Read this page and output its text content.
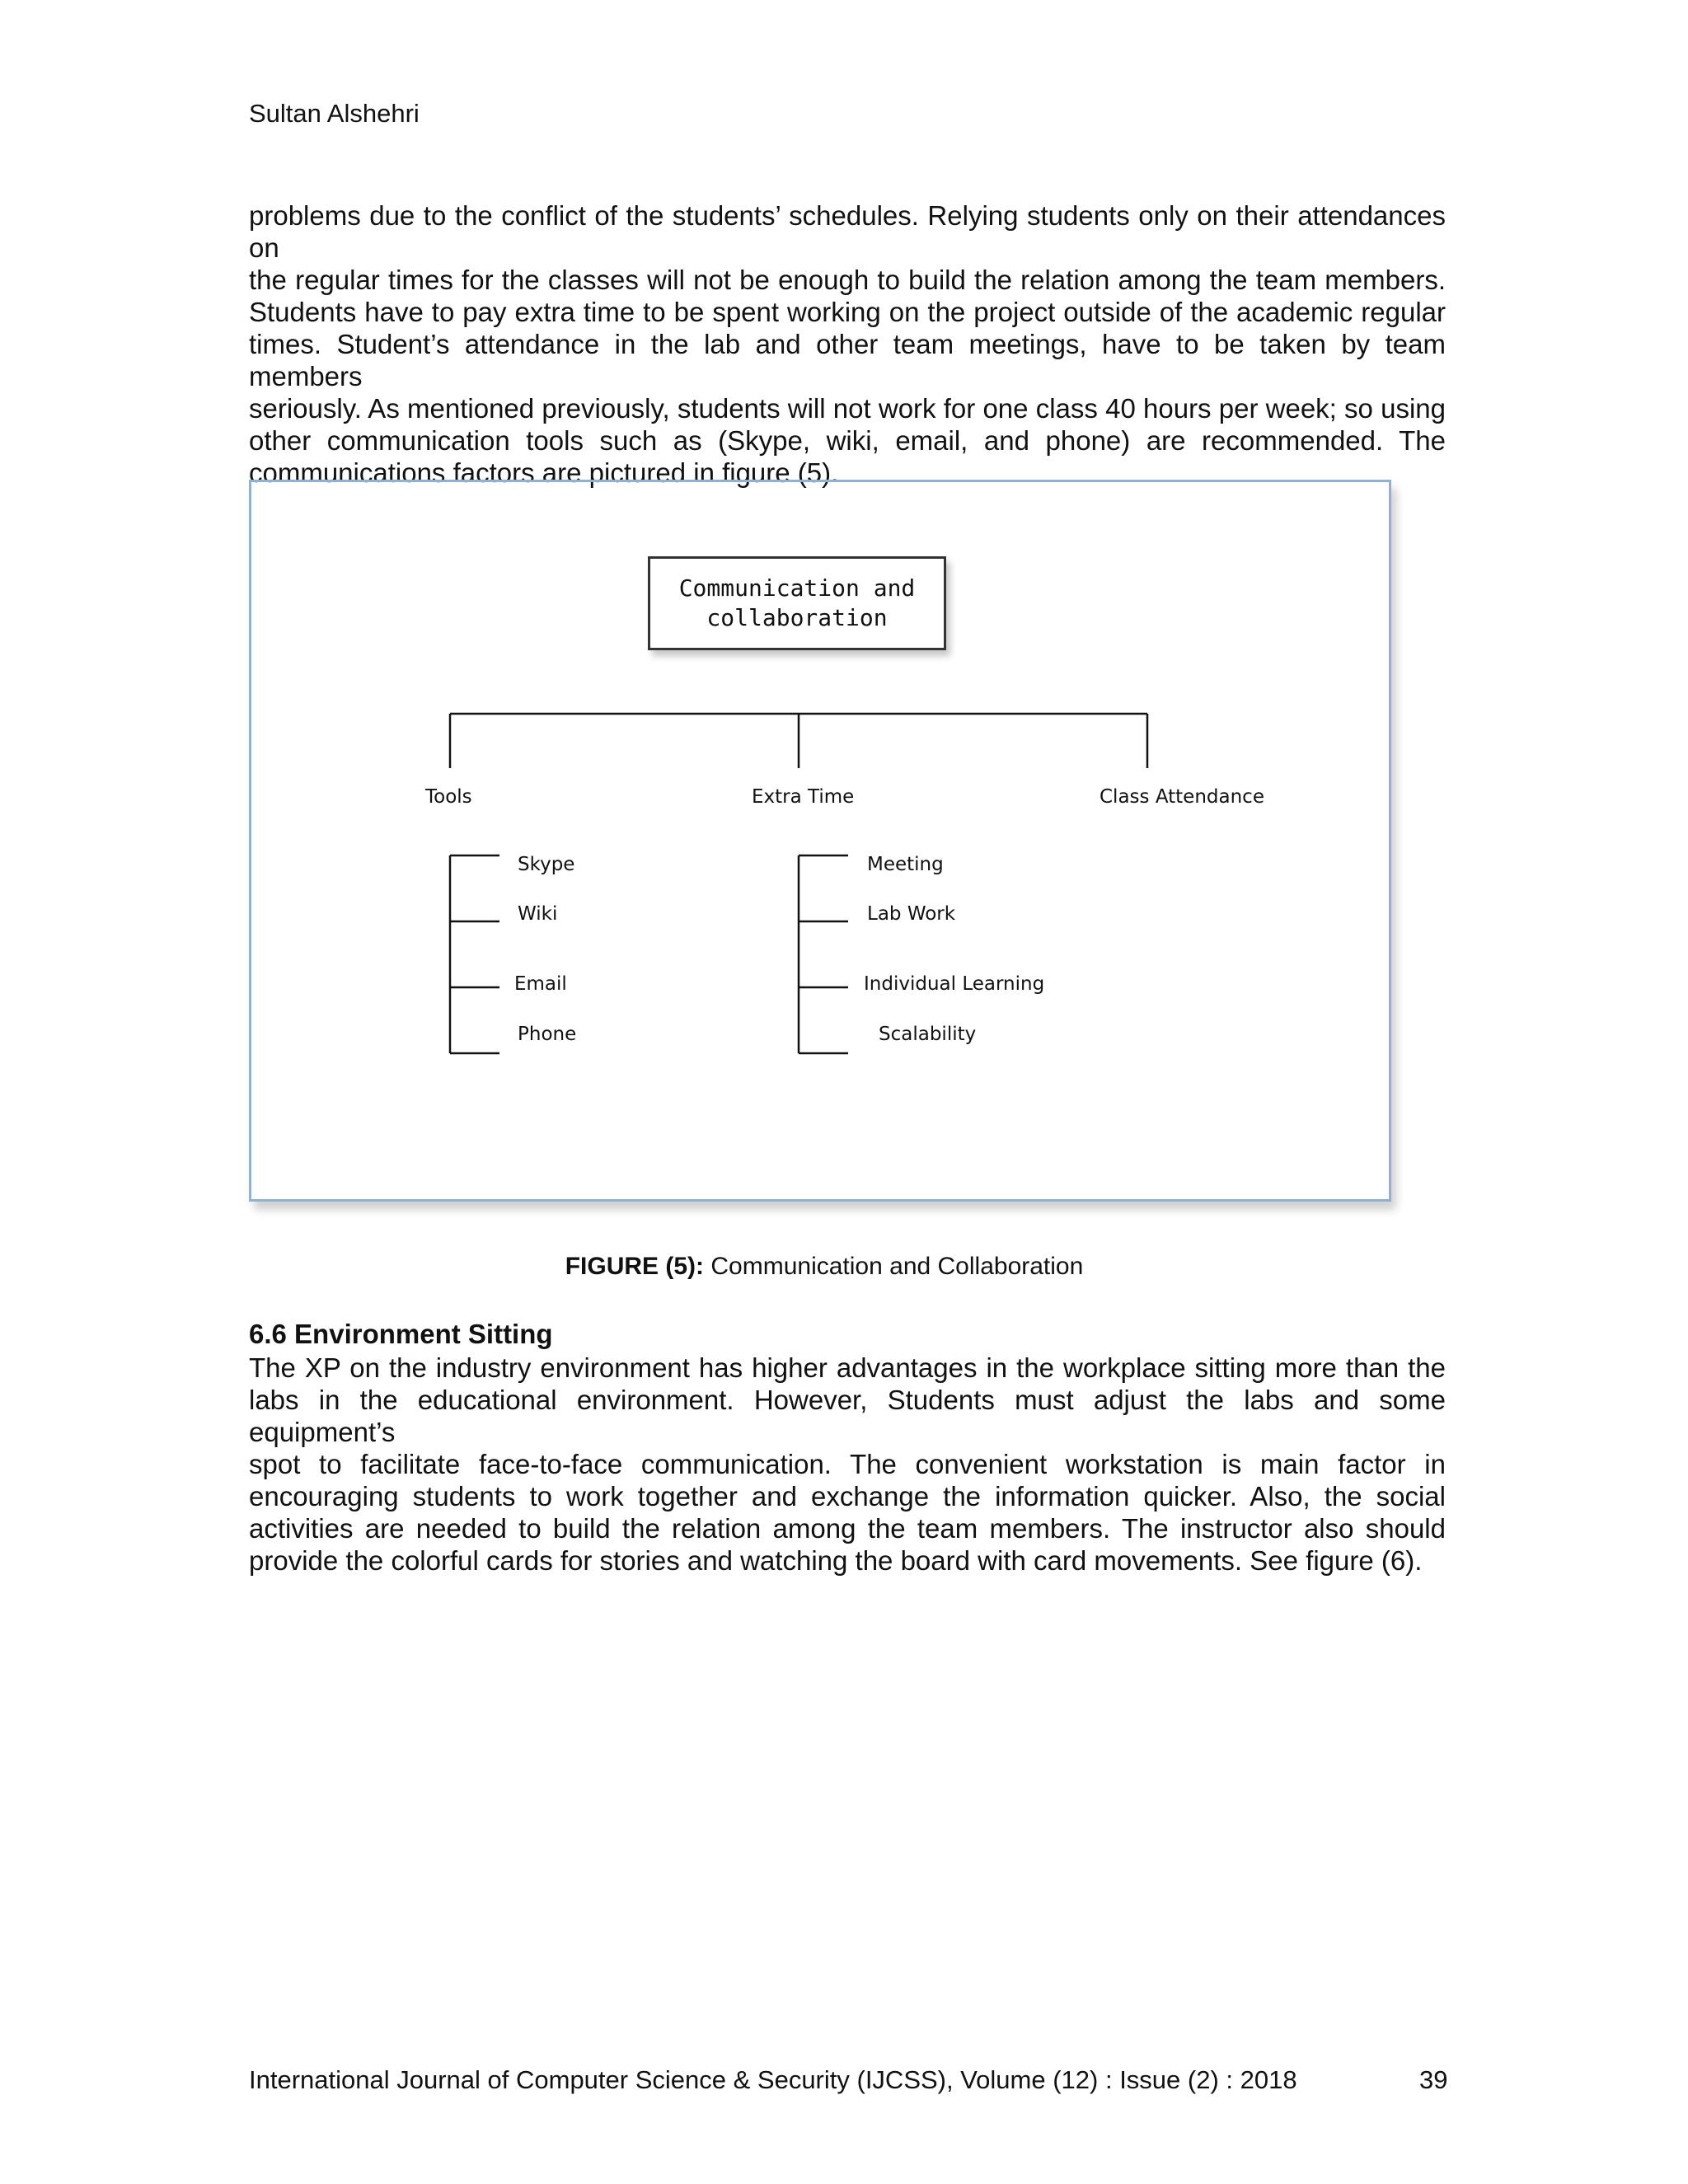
Sultan Alshehri

problems due to the conflict of the students’ schedules. Relying students only on their attendances on

the regular times for the classes will not be enough to build the relation among the team members.

Students have to pay extra time to be spent working on the project outside of the academic regular

times. Student’s attendance in the lab and other team meetings, have to be taken by team members

seriously. As mentioned previously, students will not work for one class 40 hours per week; so using

other communication tools such as (Skype, wiki, email, and phone) are recommended. The

communications factors are pictured in figure (5).

Communication and collaboration
Tools	Extra Time	Class Attendance
Skype
Wiki
Email
Phone
Meeting
Lab Work
Individual Learning
Scalability
FIGURE (5): Communication and Collaboration
6.6 Environment Sitting

The XP on the industry environment has higher advantages in the workplace sitting more than the

labs in the educational environment. However, Students must adjust the labs and some equipment’s

spot to facilitate face-to-face communication. The convenient workstation is main factor in

encouraging students to work together and exchange the information quicker. Also, the social

activities are needed to build the relation among the team members. The instructor also should

provide the colorful cards for stories and watching the board with card movements. See figure (6).

International Journal of Computer Science & Security (IJCSS), Volume (12) : Issue (2) : 2018	39
